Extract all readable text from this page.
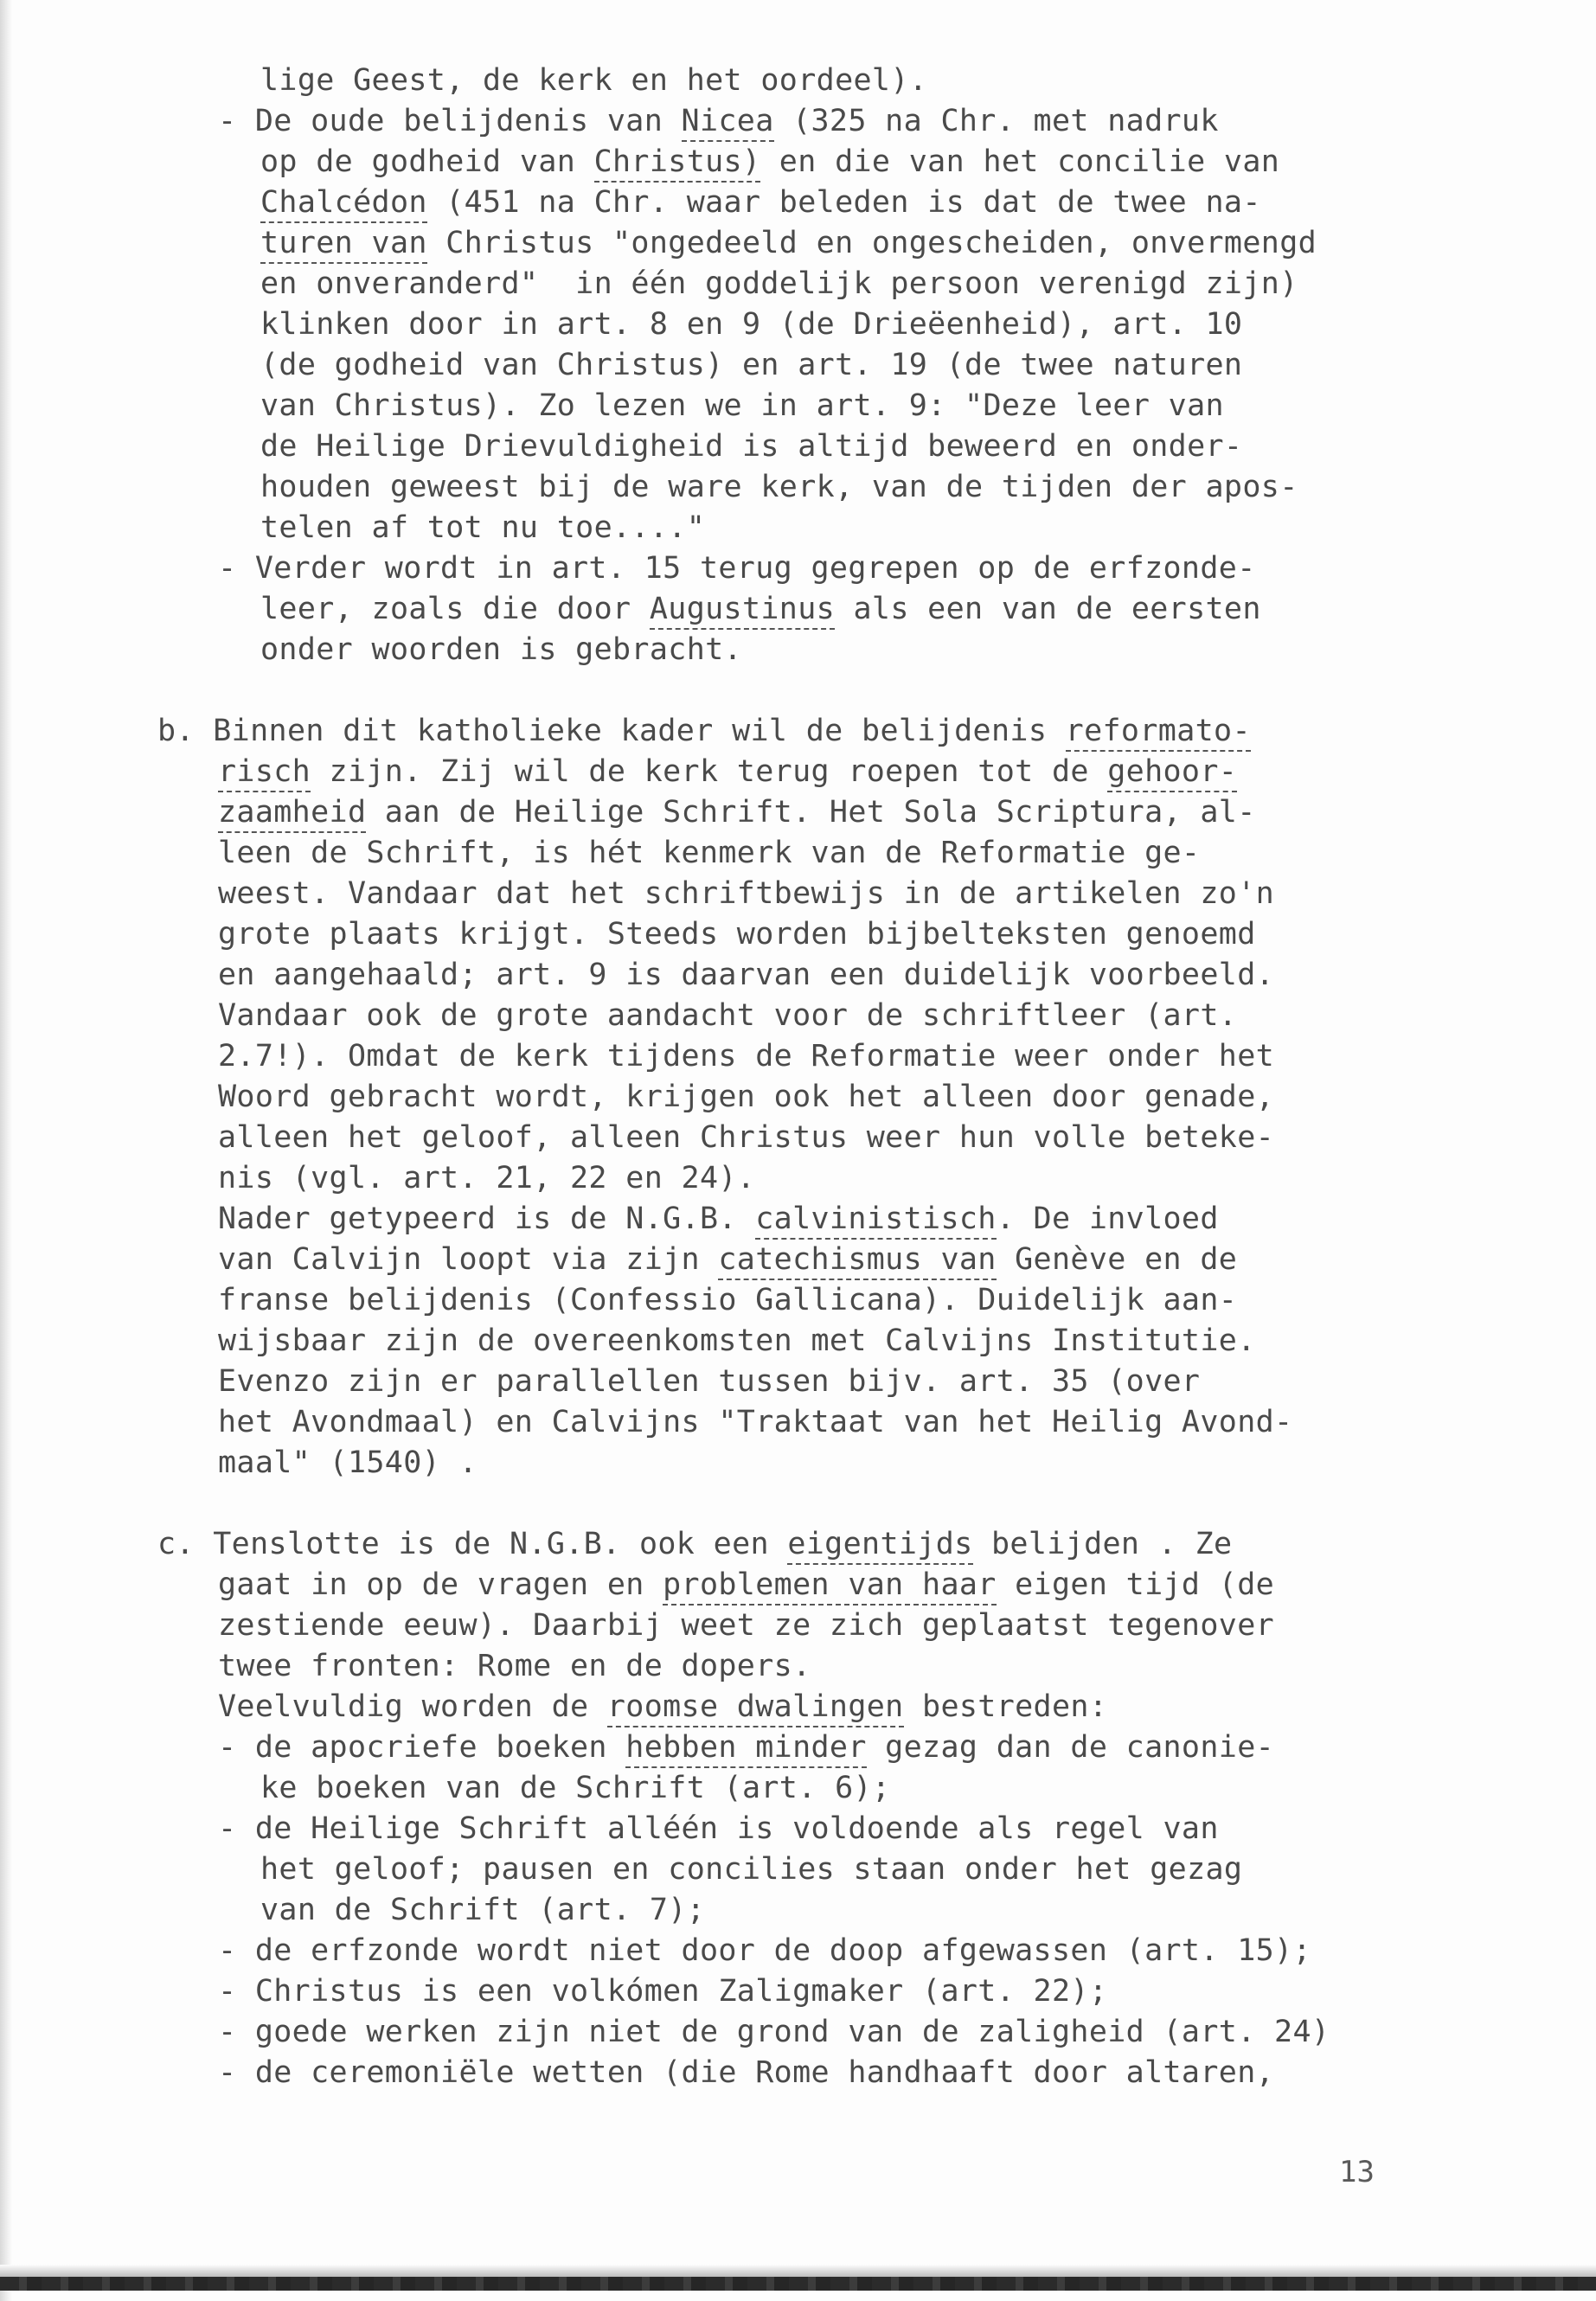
lige Geest, de kerk en het oordeel).
- De oude belijdenis van Nicea (325 na Chr. met nadruk
op de godheid van Christus) en die van het concilie van
Chalcédon (451 na Chr. waar beleden is dat de twee na-
turen van Christus "ongedeeld en ongescheiden, onvermengd
en onveranderd"  in één goddelijk persoon verenigd zijn)
klinken door in art. 8 en 9 (de Drieëenheid), art. 10
(de godheid van Christus) en art. 19 (de twee naturen
van Christus). Zo lezen we in art. 9: "Deze leer van
de Heilige Drievuldigheid is altijd beweerd en onder-
houden geweest bij de ware kerk, van de tijden der apos-
telen af tot nu toe...."
- Verder wordt in art. 15 terug gegrepen op de erfzonde-
leer, zoals die door Augustinus als een van de eersten
onder woorden is gebracht.
b. Binnen dit katholieke kader wil de belijdenis reformato-
risch zijn. Zij wil de kerk terug roepen tot de gehoor-
zaamheid aan de Heilige Schrift. Het Sola Scriptura, al-
leen de Schrift, is hét kenmerk van de Reformatie ge-
weest. Vandaar dat het schriftbewijs in de artikelen zo'n
grote plaats krijgt. Steeds worden bijbelteksten genoemd
en aangehaald; art. 9 is daarvan een duidelijk voorbeeld.
Vandaar ook de grote aandacht voor de schriftleer (art.
2.7!). Omdat de kerk tijdens de Reformatie weer onder het
Woord gebracht wordt, krijgen ook het alleen door genade,
alleen het geloof, alleen Christus weer hun volle beteke-
nis (vgl. art. 21, 22 en 24).
Nader getypeerd is de N.G.B. calvinistisch. De invloed
van Calvijn loopt via zijn catechismus van Genève en de
franse belijdenis (Confessio Gallicana). Duidelijk aan-
wijsbaar zijn de overeenkomsten met Calvijns Institutie.
Evenzo zijn er parallellen tussen bijv. art. 35 (over
het Avondmaal) en Calvijns "Traktaat van het Heilig Avond-
maal" (1540) .
c. Tenslotte is de N.G.B. ook een eigentijds belijden . Ze
gaat in op de vragen en problemen van haar eigen tijd (de
zestiende eeuw). Daarbij weet ze zich geplaatst tegenover
twee fronten: Rome en de dopers.
Veelvuldig worden de roomse dwalingen bestreden:
- de apocriefe boeken hebben minder gezag dan de canonie-
ke boeken van de Schrift (art. 6);
- de Heilige Schrift alléén is voldoende als regel van
het geloof; pausen en concilies staan onder het gezag
van de Schrift (art. 7);
- de erfzonde wordt niet door de doop afgewassen (art. 15);
- Christus is een volkómen Zaligmaker (art. 22);
- goede werken zijn niet de grond van de zaligheid (art. 24)
- de ceremoniële wetten (die Rome handhaaft door altaren,
13
